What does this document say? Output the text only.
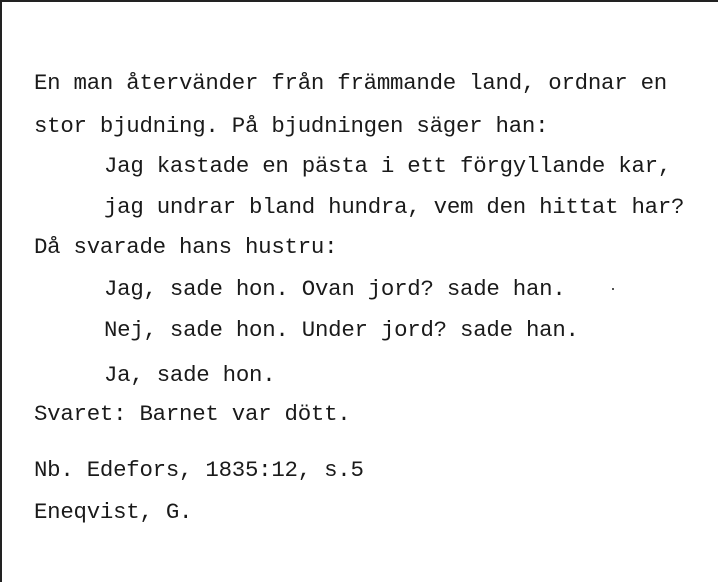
En man återvänder från främmande land, ordnar en

stor bjudning. På bjudningen säger han:

Jag kastade en pästa i ett förgyllande kar,

jag undrar bland hundra, vem den hittat har?

Då svarade hans hustru:

Jag, sade hon. Ovan jord? sade han.

Nej, sade hon. Under jord? sade han.

Ja, sade hon.

Svaret: Barnet var dött.

Nb. Edefors, 1835:12, s.5

Eneqvist, G.
